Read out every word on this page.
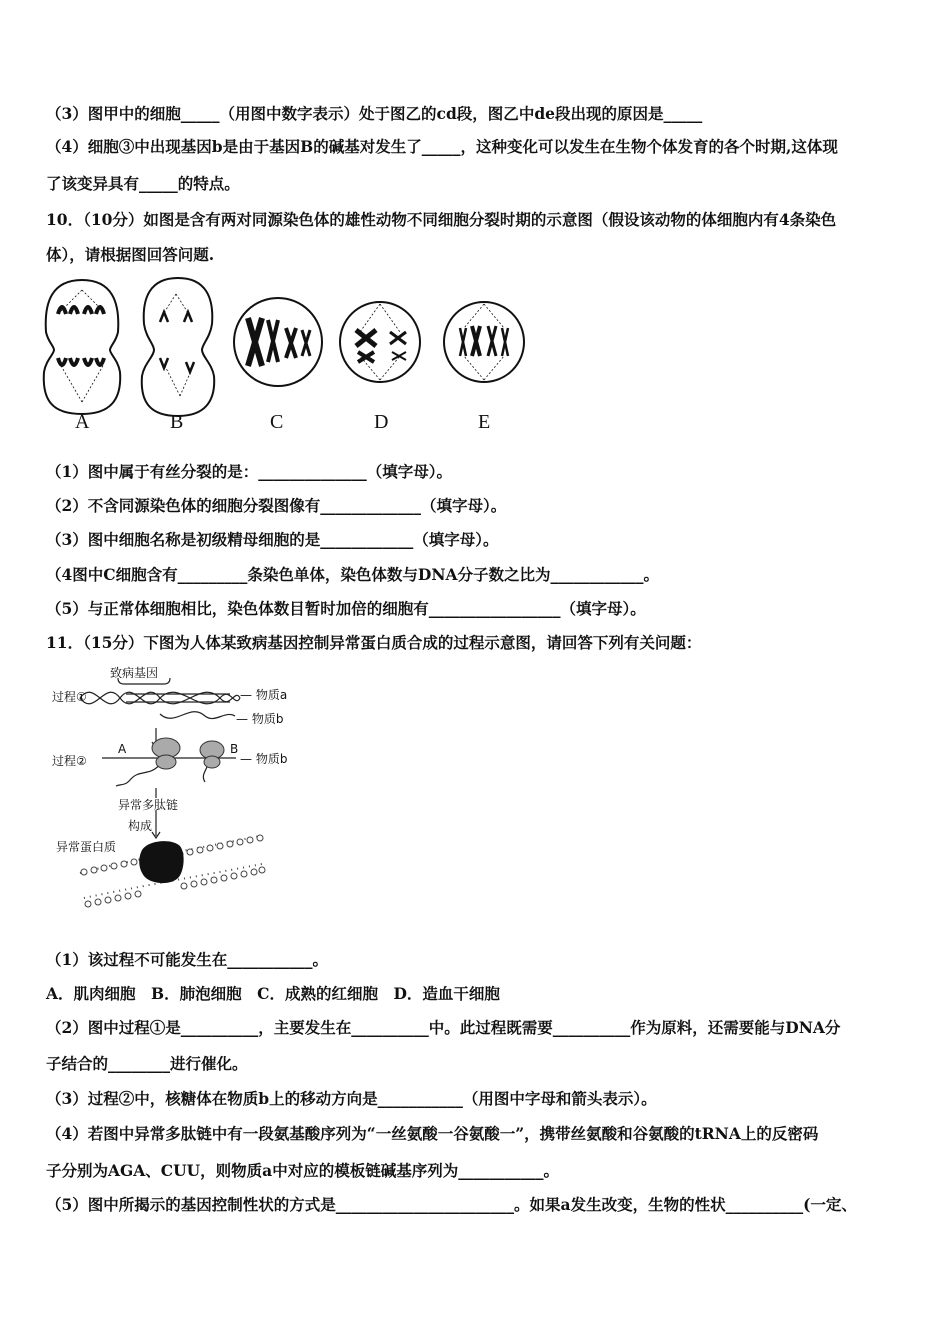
（3）图甲中的细胞_____（用图中数字表示）处于图乙的cd段，图乙中de段出现的原因是_____
（4）细胞③中出现基因b是由于基因B的碱基对发生了_____，这种变化可以发生在生物个体发育的各个时期,这体现
了该变异具有_____的特点。
10．（10分）如图是含有两对同源染色体的雄性动物不同细胞分裂时期的示意图（假设该动物的体细胞内有4条染色
体），请根据图回答问题.
A	B	C	D	E
（1）图中属于有丝分裂的是：______________（填字母）。
（2）不含同源染色体的细胞分裂图像有_____________（填字母）。
（3）图中细胞名称是初级精母细胞的是____________（填字母）。
（4图中C细胞含有_________条染色单体，染色体数与DNA分子数之比为____________。
（5）与正常体细胞相比，染色体数目暂时加倍的细胞有_________________（填字母）。
11．（15分）下图为人体某致病基因控制异常蛋白质合成的过程示意图，请回答下列有关问题：
致病基因
过程①	— 物质a
— 物质b
过程②
A	B
— 物质b
异常多肽链
构成
异常蛋白质
（1）该过程不可能发生在___________。
A．肌肉细胞　B．肺泡细胞　C．成熟的红细胞　D．造血干细胞
（2）图中过程①是__________，主要发生在__________中。此过程既需要__________作为原料，还需要能与DNA分
子结合的________进行催化。
（3）过程②中，核糖体在物质b上的移动方向是___________（用图中字母和箭头表示）。
（4）若图中异常多肽链中有一段氨基酸序列为“一丝氨酸一谷氨酸一”，携带丝氨酸和谷氨酸的tRNA上的反密码
子分别为AGA、CUU，则物质a中对应的模板链碱基序列为___________。
（5）图中所揭示的基因控制性状的方式是_______________________。如果a发生改变，生物的性状__________(一定、
